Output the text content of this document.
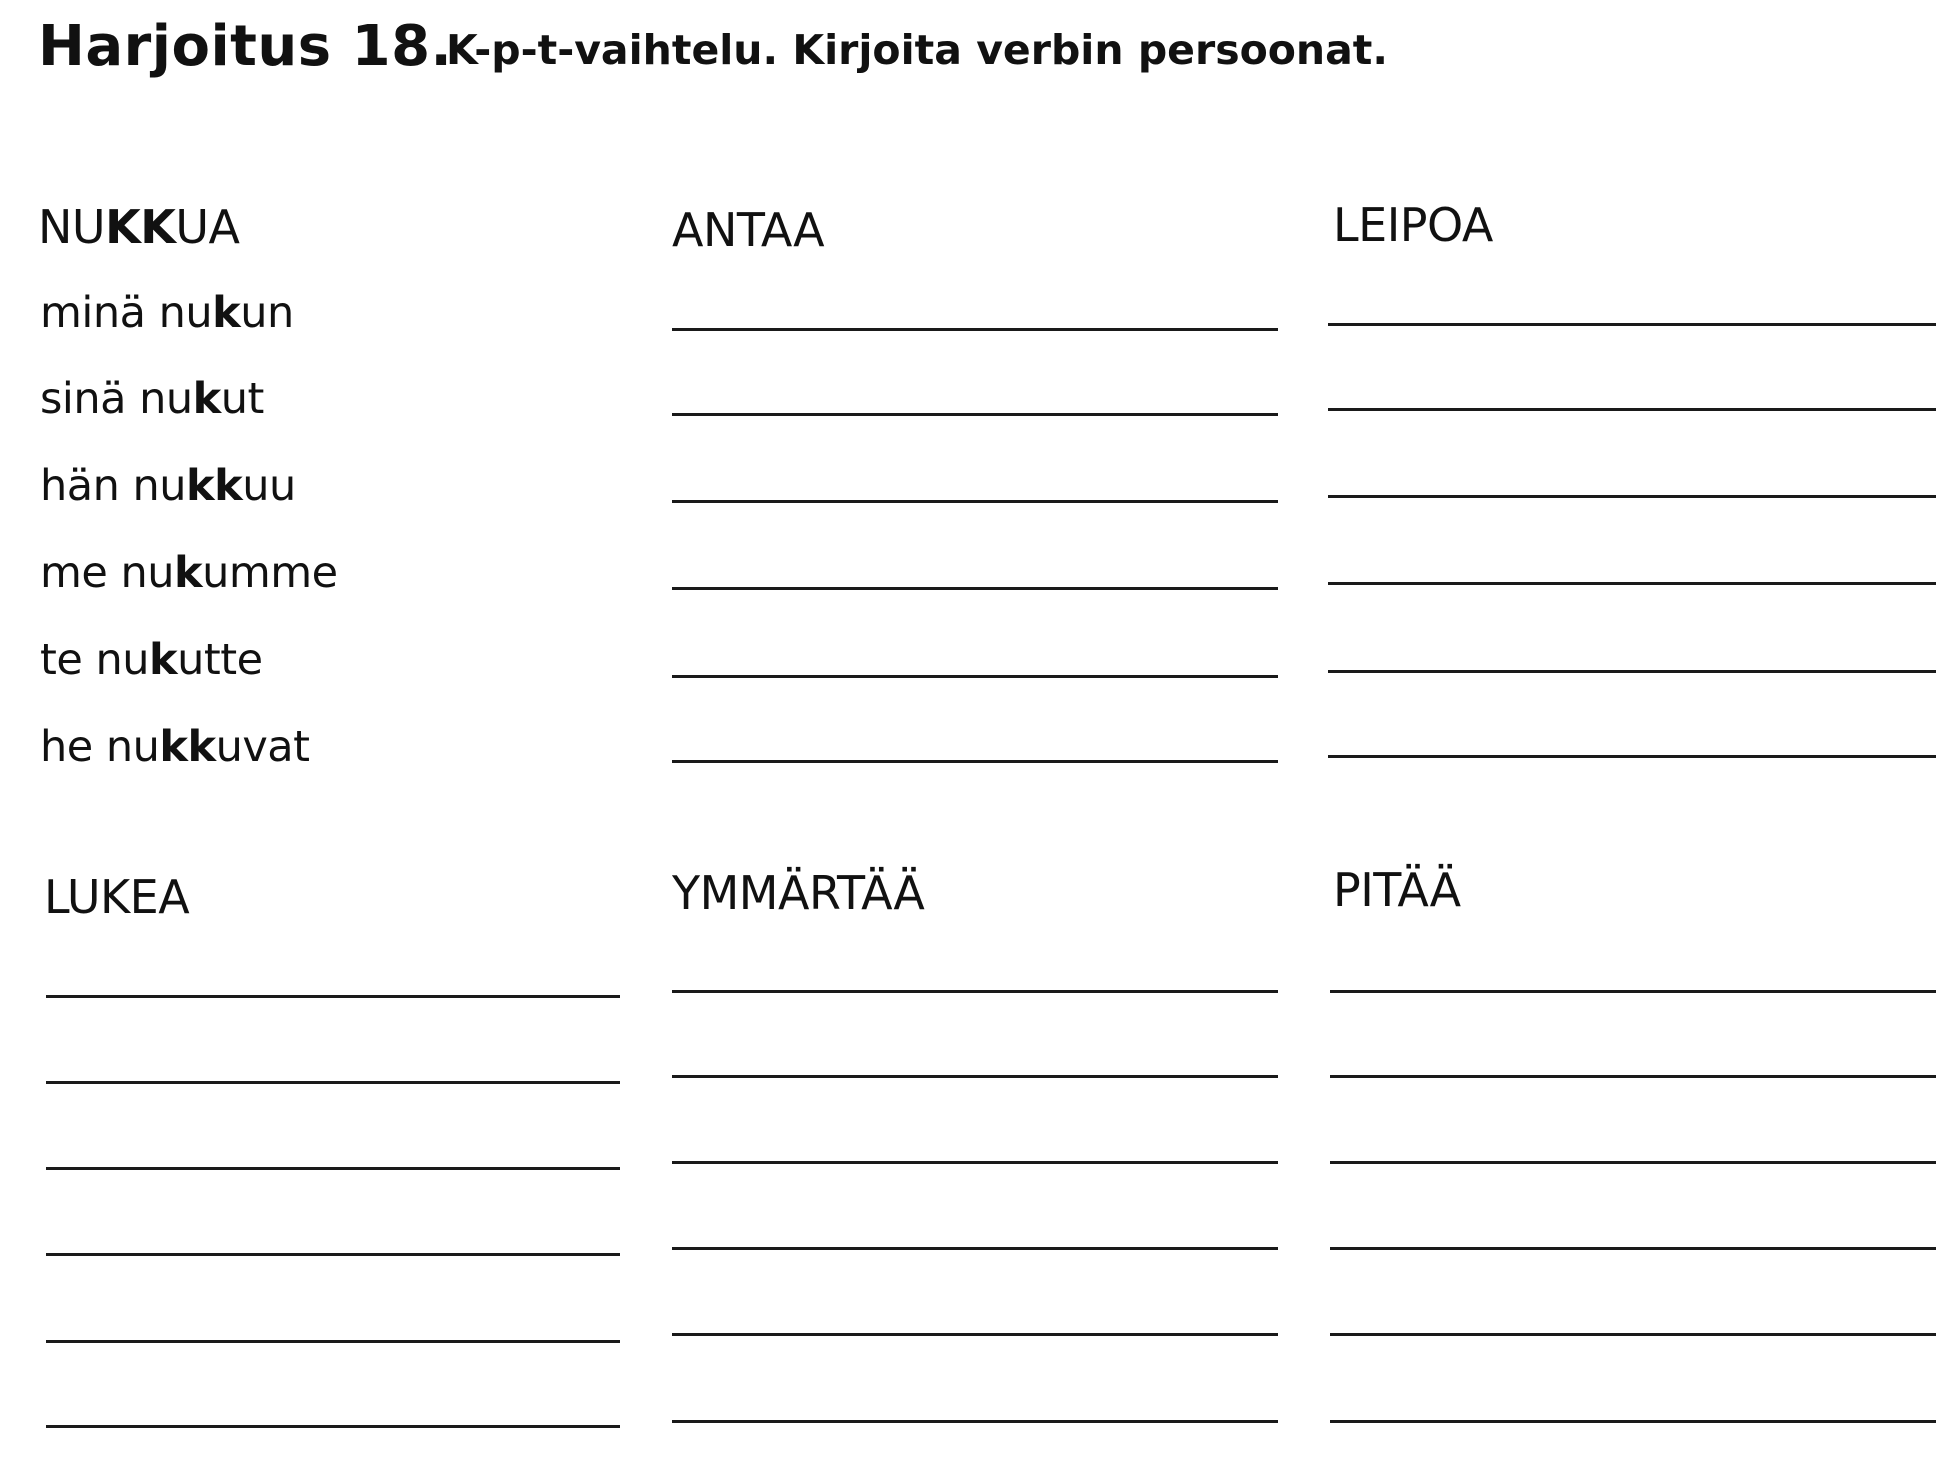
Harjoitus 18.
K-p-t-vaihtelu. Kirjoita verbin persoonat.
NUKKUA
minä nukun
sinä nukut
hän nukkuu
me nukumme
te nukutte
he nukkuvat
ANTAA	LEIPOA
LUKEA	YMMÄRTÄÄ	PITÄÄ
